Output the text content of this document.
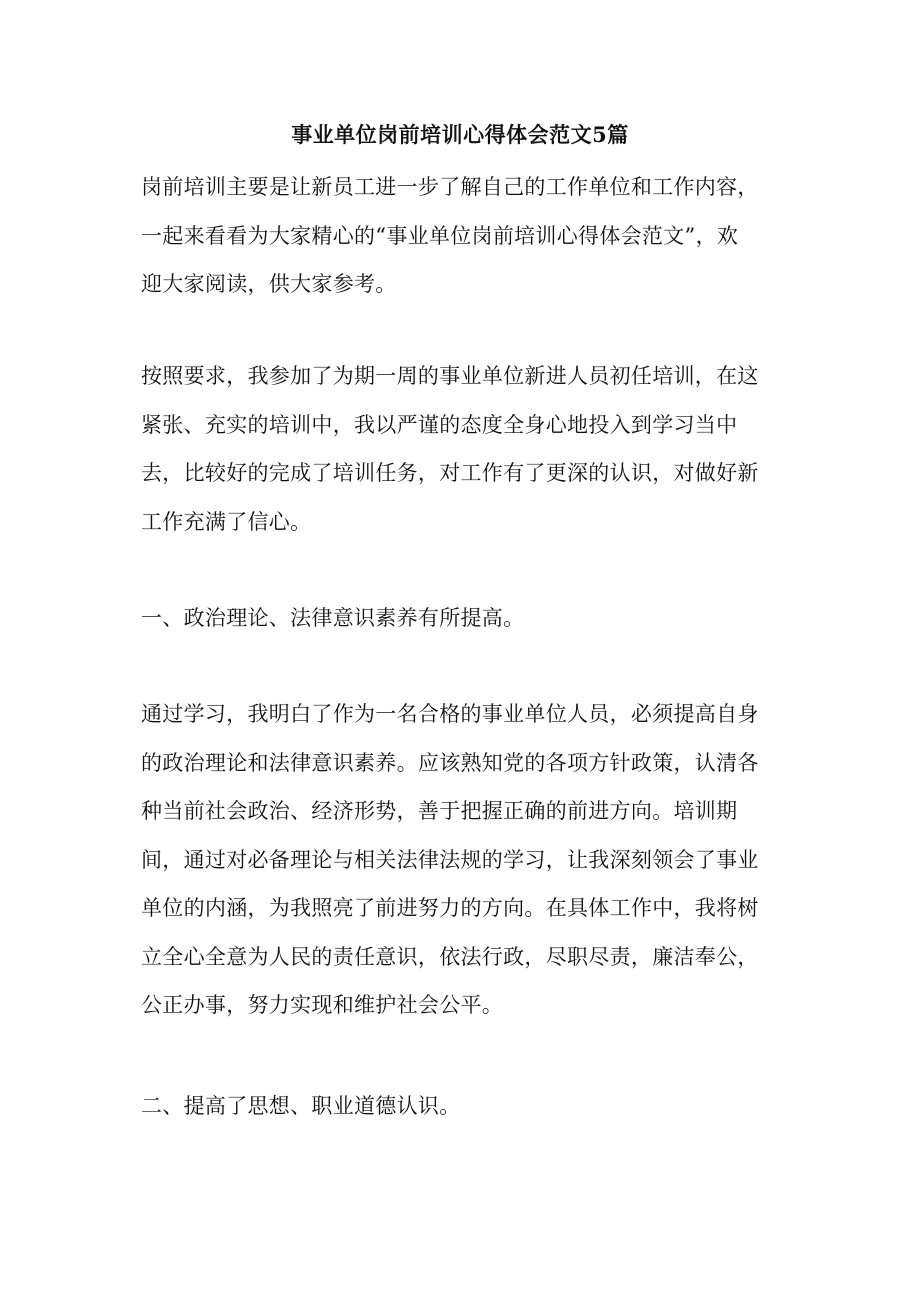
事业单位岗前培训心得体会范文5篇
岗前培训主要是让新员工进一步了解自己的工作单位和工作内容，
一起来看看为大家精心的“事业单位岗前培训心得体会范文”，欢
迎大家阅读，供大家参考。
按照要求，我参加了为期一周的事业单位新进人员初任培训，在这
紧张、充实的培训中，我以严谨的态度全身心地投入到学习当中
去，比较好的完成了培训任务，对工作有了更深的认识，对做好新
工作充满了信心。
一、政治理论、法律意识素养有所提高。
通过学习，我明白了作为一名合格的事业单位人员，必须提高自身
的政治理论和法律意识素养。应该熟知党的各项方针政策，认清各
种当前社会政治、经济形势，善于把握正确的前进方向。培训期
间，通过对必备理论与相关法律法规的学习，让我深刻领会了事业
单位的内涵，为我照亮了前进努力的方向。在具体工作中，我将树
立全心全意为人民的责任意识，依法行政，尽职尽责，廉洁奉公，
公正办事，努力实现和维护社会公平。
二、提高了思想、职业道德认识。
